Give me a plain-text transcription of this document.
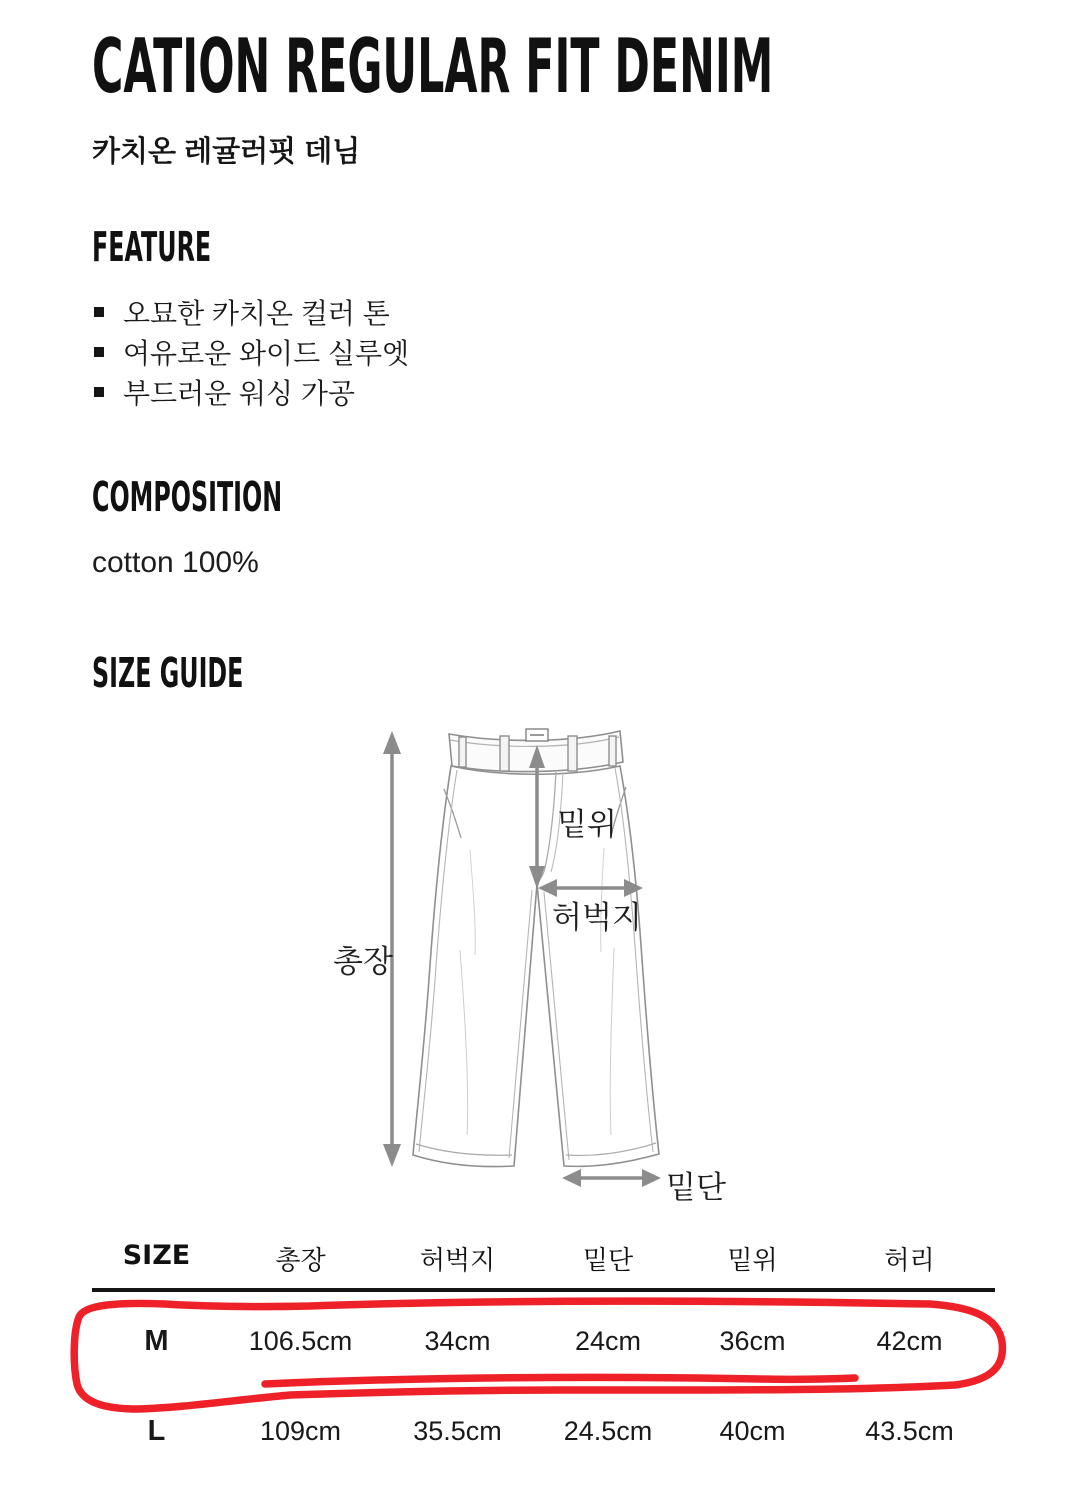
CATION REGULAR FIT DENIM
카치온 레귤러핏 데님
FEATURE
오묘한 카치온 컬러 톤
여유로운 와이드 실루엣
부드러운 워싱 가공
COMPOSITION
cotton 100%
SIZE GUIDE
총장
밑위
허벅지
밑단
SIZE	총장	허벅지	밑단	밑위	허리
M	106.5cm	34cm	24cm	36cm	42cm
L	109cm	35.5cm	24.5cm	40cm	43.5cm
